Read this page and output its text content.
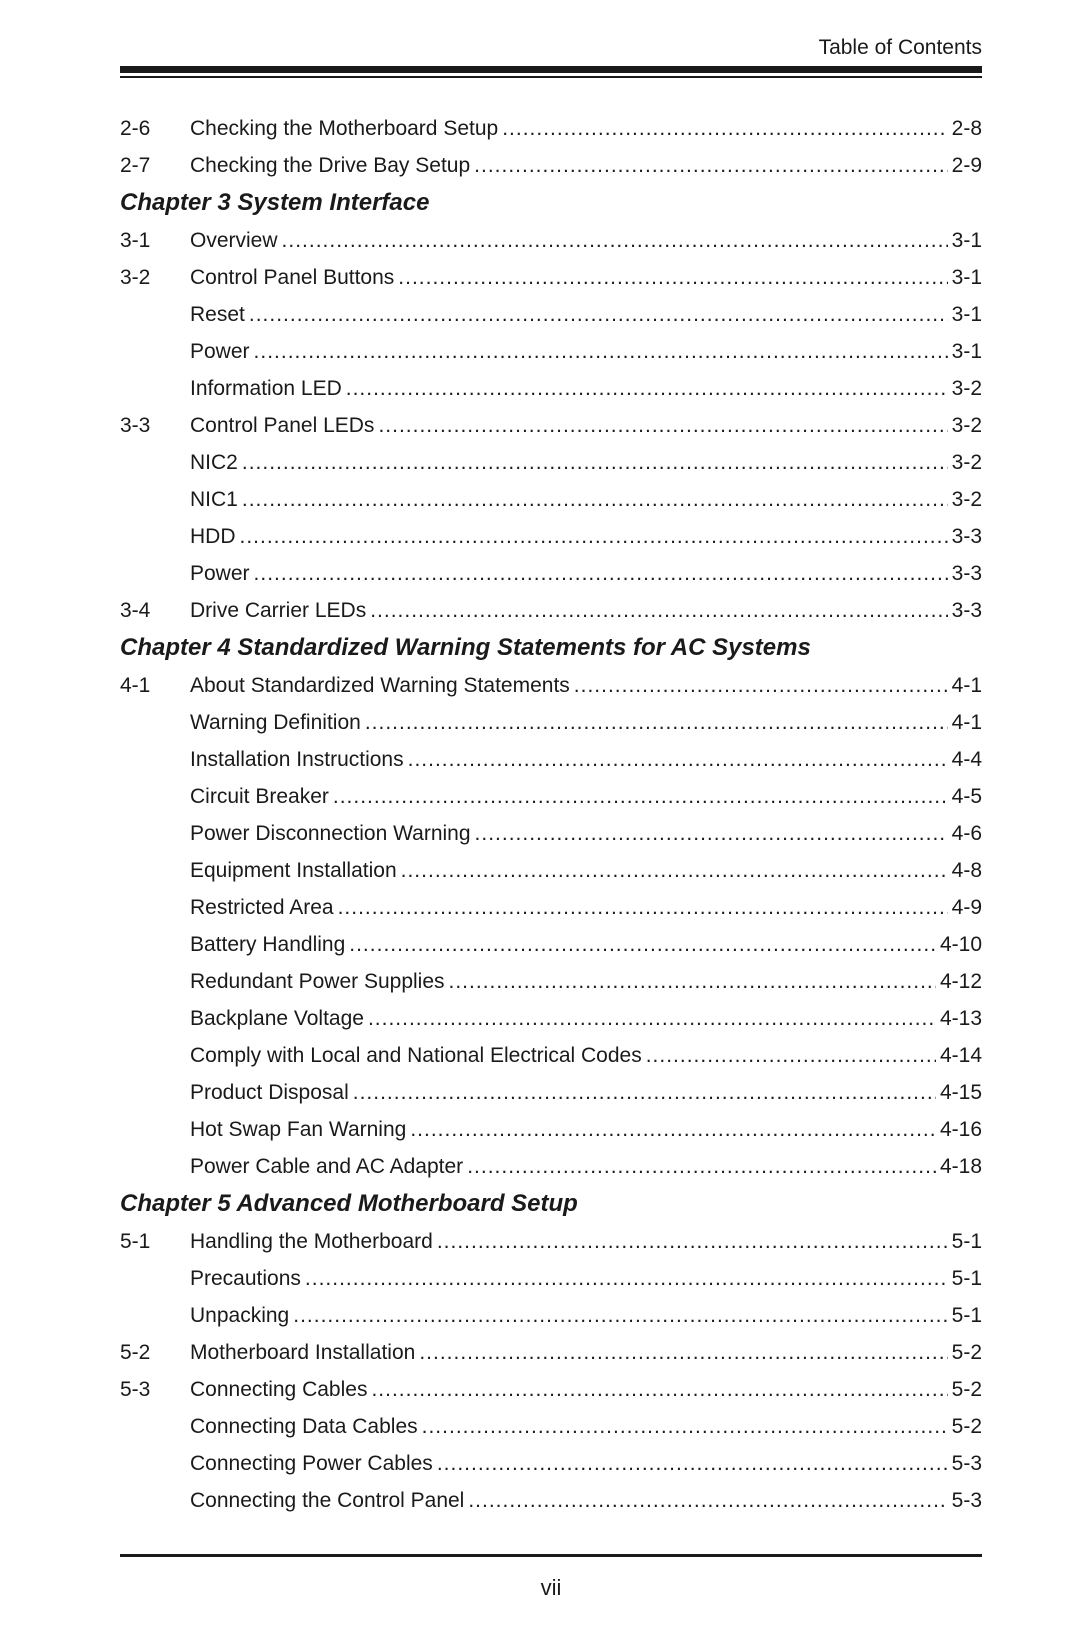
Table of Contents
2-6	Checking the Motherboard Setup .....	2-8
2-7	Checking the Drive Bay Setup .....	2-9
Chapter 3 System Interface
3-1	Overview .....	3-1
3-2	Control Panel Buttons .....	3-1
Reset .....	3-1
Power .....	3-1
Information LED .....	3-2
3-3	Control Panel LEDs .....	3-2
NIC2 .....	3-2
NIC1 .....	3-2
HDD .....	3-3
Power .....	3-3
3-4	Drive Carrier LEDs .....	3-3
Chapter 4 Standardized Warning Statements for AC Systems
4-1	About Standardized Warning Statements .....	4-1
Warning Definition .....	4-1
Installation Instructions .....	4-4
Circuit Breaker .....	4-5
Power Disconnection Warning .....	4-6
Equipment Installation .....	4-8
Restricted Area .....	4-9
Battery Handling .....	4-10
Redundant Power Supplies .....	4-12
Backplane Voltage .....	4-13
Comply with Local and National Electrical Codes .....	4-14
Product Disposal .....	4-15
Hot Swap Fan Warning .....	4-16
Power Cable and AC Adapter .....	4-18
Chapter 5 Advanced Motherboard Setup
5-1	Handling the Motherboard .....	5-1
Precautions .....	5-1
Unpacking .....	5-1
5-2	Motherboard Installation .....	5-2
5-3	Connecting Cables .....	5-2
Connecting Data Cables .....	5-2
Connecting Power Cables .....	5-3
Connecting the Control Panel .....	5-3
vii
